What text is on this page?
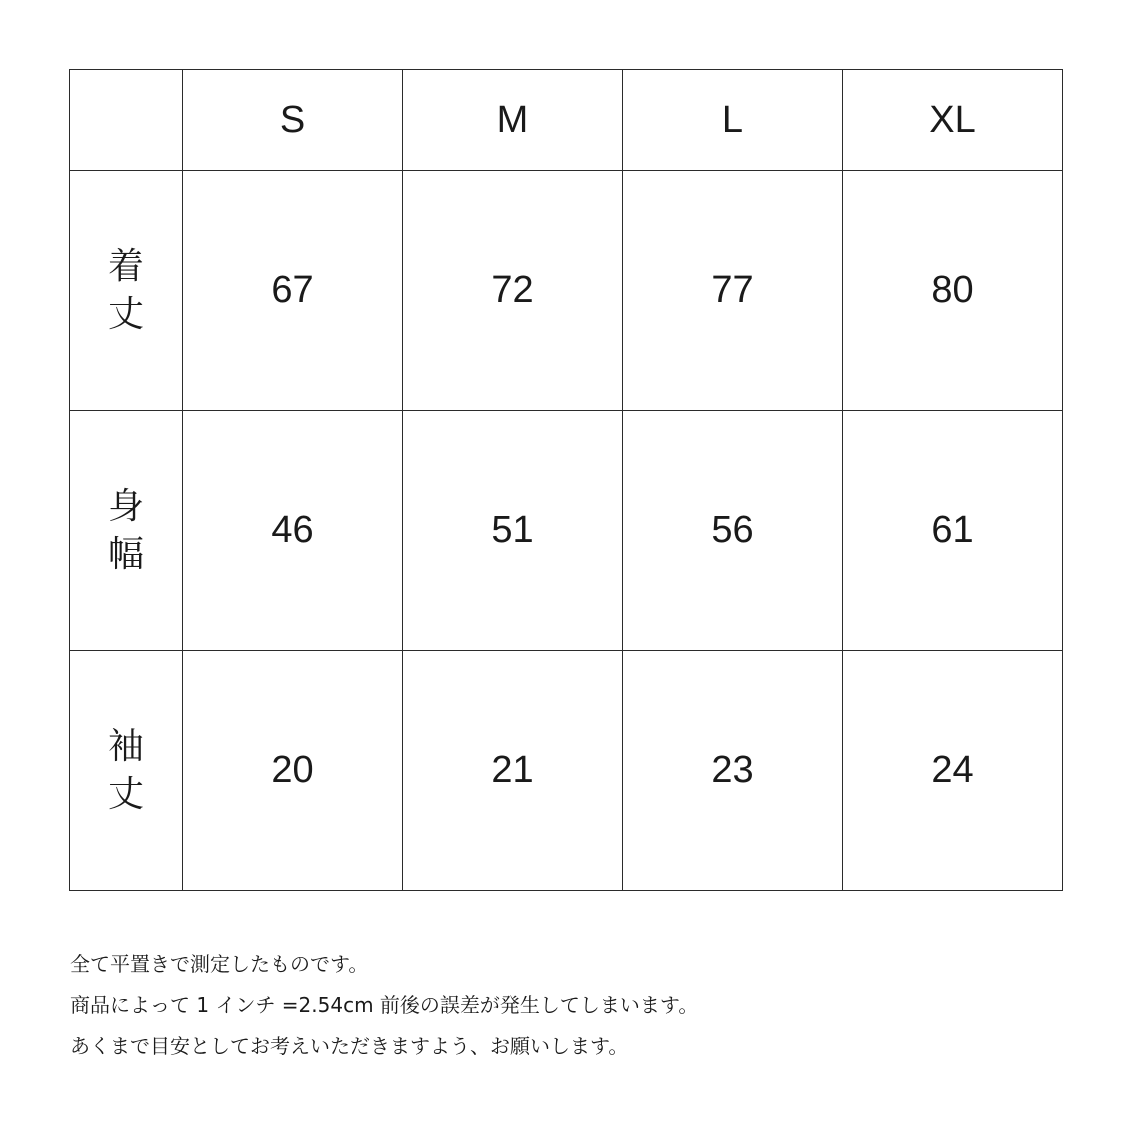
	S	M	L	XL

着
丈	67	72	77	80

身
幅	46	51	56	61

袖
丈	20	21	23	24
全て平置きで測定したものです。
商品によって 1 インチ =2.54cm 前後の誤差が発生してしまいます。
あくまで目安としてお考えいただきますよう、お願いします。
